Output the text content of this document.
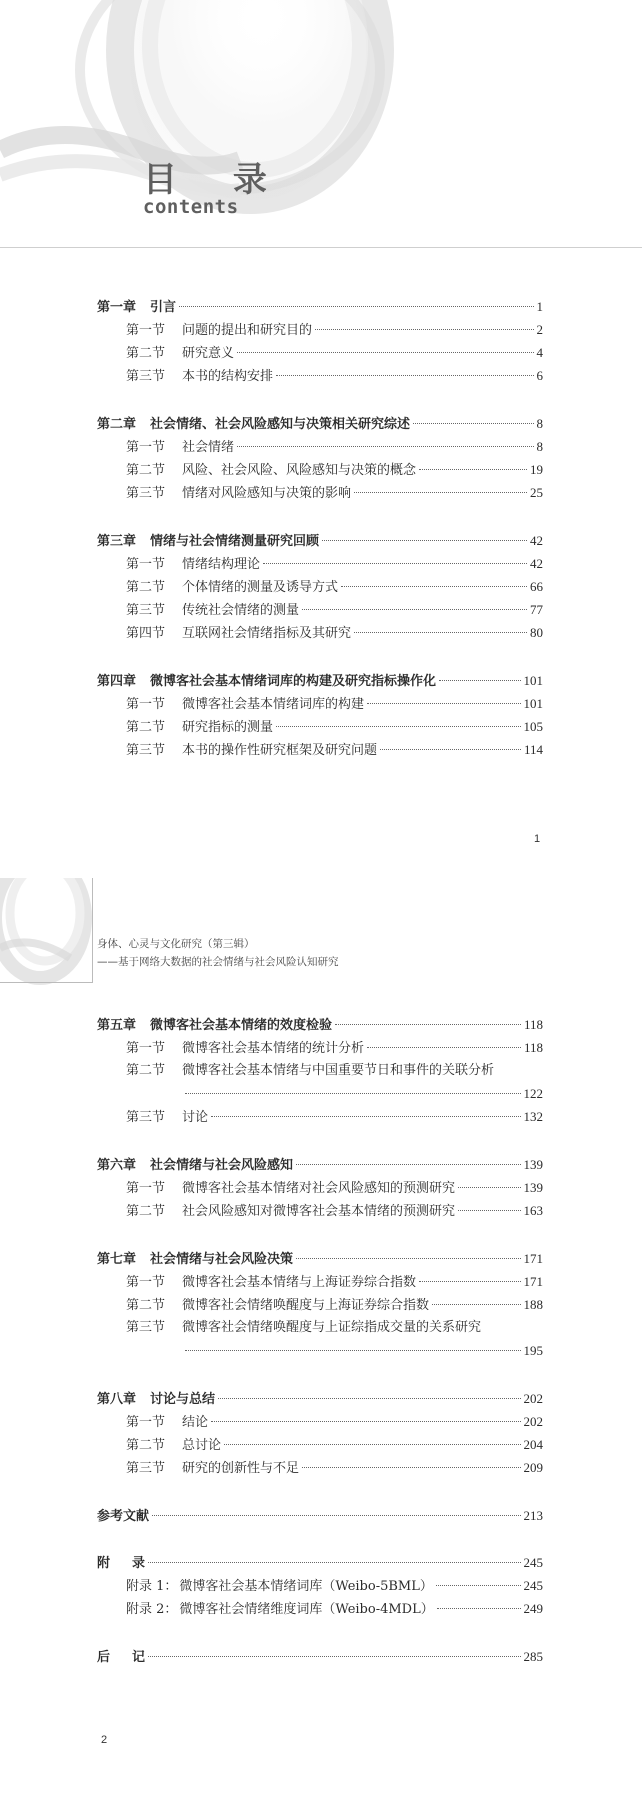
目 录
contents
第一章 引言	1
第一节	问题的提出和研究目的	2
第二节	研究意义	4
第三节	本书的结构安排	6
第二章 社会情绪、社会风险感知与决策相关研究综述	8
第一节	社会情绪	8
第二节	风险、社会风险、风险感知与决策的概念	19
第三节	情绪对风险感知与决策的影响	25
第三章 情绪与社会情绪测量研究回顾	42
第一节	情绪结构理论	42
第二节	个体情绪的测量及诱导方式	66
第三节	传统社会情绪的测量	77
第四节	互联网社会情绪指标及其研究	80
第四章 微博客社会基本情绪词库的构建及研究指标操作化	101
第一节	微博客社会基本情绪词库的构建	101
第二节	研究指标的测量	105
第三节	本书的操作性研究框架及研究问题	114
1
身体、心灵与文化研究（第三辑）
——基于网络大数据的社会情绪与社会风险认知研究
第五章 微博客社会基本情绪的效度检验	118
第一节	微博客社会基本情绪的统计分析	118
第二节	微博客社会基本情绪与中国重要节日和事件的关联分析
122
第三节	讨论	132
第六章 社会情绪与社会风险感知	139
第一节	微博客社会基本情绪对社会风险感知的预测研究	139
第二节	社会风险感知对微博客社会基本情绪的预测研究	163
第七章 社会情绪与社会风险决策	171
第一节	微博客社会基本情绪与上海证券综合指数	171
第二节	微博客社会情绪唤醒度与上海证券综合指数	188
第三节	微博客社会情绪唤醒度与上证综指成交量的关系研究
195
第八章 讨论与总结	202
第一节	结论	202
第二节	总讨论	204
第三节	研究的创新性与不足	209
参考文献	213
附 录	245
附录 1： 微博客社会基本情绪词库（Weibo-5BML）	245
附录 2： 微博客社会情绪维度词库（Weibo-4MDL）	249
后 记	285
2
